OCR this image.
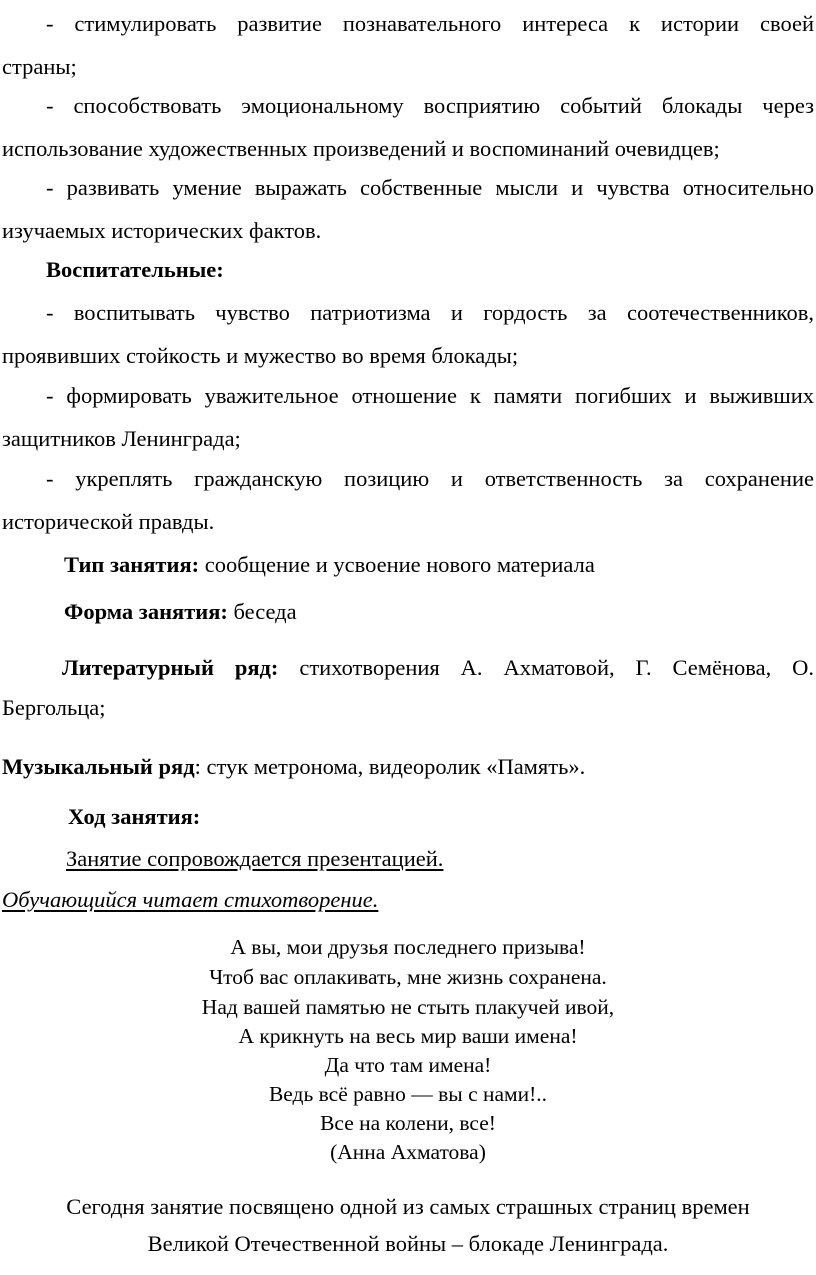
- стимулировать развитие познавательного интереса к истории своей

страны;

- способствовать эмоциональному восприятию событий блокады через

использование художественных произведений и воспоминаний очевидцев;

- развивать умение выражать собственные мысли и чувства относительно

изучаемых исторических фактов.

Воспитательные:

- воспитывать чувство патриотизма и гордость за соотечественников,

проявивших стойкость и мужество во время блокады;

- формировать уважительное отношение к памяти погибших и выживших

защитников Ленинграда;

- укреплять гражданскую позицию и ответственность за сохранение

исторической правды.

Тип занятия: сообщение и усвоение нового материала

Форма занятия: беседа

Литературный ряд: стихотворения А. Ахматовой, Г. Семёнова, О.

Бергольца;

Музыкальный ряд: стук метронома, видеоролик «Память».

Ход занятия:

Занятие сопровождается презентацией.

Обучающийся читает стихотворение.

А вы, мои друзья последнего призыва!

Чтоб вас оплакивать, мне жизнь сохранена.

Над вашей памятью не стыть плакучей ивой,

А крикнуть на весь мир ваши имена!

Да что там имена!

Ведь всё равно — вы с нами!..

Все на колени, все!

(Анна Ахматова)

Сегодня занятие посвящено одной из самых страшных страниц времен

Великой Отечественной войны – блокаде Ленинграда.
